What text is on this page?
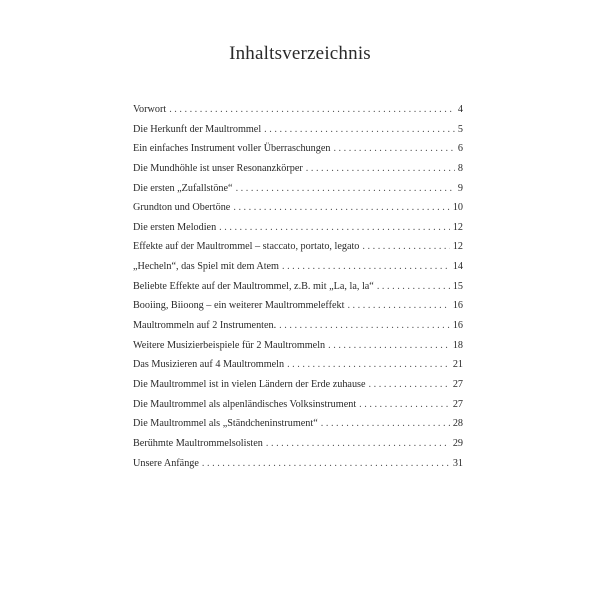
Inhaltsverzeichnis
Vorwort . . .	4
Die Herkunft der Maultrommel . . .	5
Ein einfaches Instrument voller Überraschungen . . .	6
Die Mundhöhle ist unser Resonanzkörper . . .	8
Die ersten „Zufallstöne“ . . .	9
Grundton und Obertöne . . .	10
Die ersten Melodien . . .	12
Effekte auf der Maultrommel – staccato, portato, legato . . .	12
„Hecheln“, das Spiel mit dem Atem . . .	14
Beliebte Effekte auf der Maultrommel, z.B. mit „La, la, la“ . . .	15
Booiing, Biioong – ein weiterer Maultrommeleffekt . . .	16
Maultrommeln auf 2 Instrumenten. . . .	16
Weitere Musizierbeispiele für 2 Maultrommeln . . .	18
Das Musizieren auf 4 Maultrommeln . . .	21
Die Maultrommel ist in vielen Ländern der Erde zuhause . . .	27
Die Maultrommel als alpenländisches Volksinstrument . . .	27
Die Maultrommel als „Ständcheninstrument“ . . .	28
Berühmte Maultrommelsolisten . . .	29
Unsere Anfänge . . .	31
